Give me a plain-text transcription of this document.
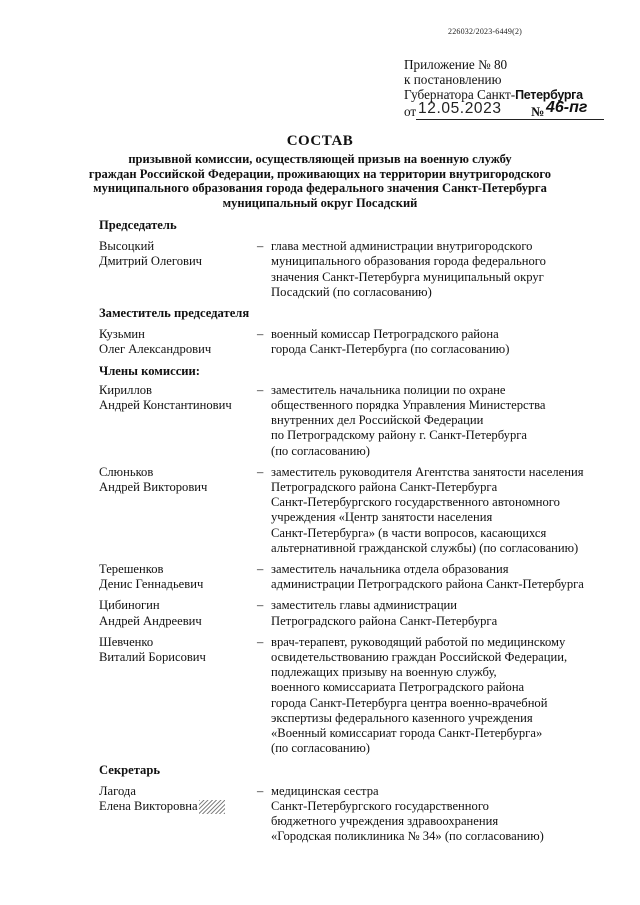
226032/2023-6449(2)
Приложение № 80
к постановлению
Губернатора Санкт-Петербурга
от 12.05.2023 № 46-пг
СОСТАВ
призывной комиссии, осуществляющей призыв на военную службу
граждан Российской Федерации, проживающих на территории внутригородского
муниципального образования города федерального значения Санкт-Петербурга
муниципальный округ Посадский
Председатель
Высоцкий
Дмитрий Олегович
– глава местной администрации внутригородского
муниципального образования города федерального
значения Санкт-Петербурга муниципальный округ
Посадский (по согласованию)
Заместитель председателя
Кузьмин
Олег Александрович
– военный комиссар Петроградского района
города Санкт-Петербурга (по согласованию)
Члены комиссии:
Кириллов
Андрей Константинович
– заместитель начальника полиции по охране
общественного порядка Управления Министерства
внутренних дел Российской Федерации
по Петроградскому району г. Санкт-Петербурга
(по согласованию)
Слюньков
Андрей Викторович
– заместитель руководителя Агентства занятости населения
Петроградского района Санкт-Петербурга
Санкт-Петербургского государственного автономного
учреждения «Центр занятости населения
Санкт-Петербурга» (в части вопросов, касающихся
альтернативной гражданской службы) (по согласованию)
Терешенков
Денис Геннадьевич
– заместитель начальника отдела образования
администрации Петроградского района Санкт-Петербурга
Цибиногин
Андрей Андреевич
– заместитель главы администрации
Петроградского района Санкт-Петербурга
Шевченко
Виталий Борисович
– врач-терапевт, руководящий работой по медицинскому
освидетельствованию граждан Российской Федерации,
подлежащих призыву на военную службу,
военного комиссариата Петроградского района
города Санкт-Петербурга центра военно-врачебной
экспертизы федерального казенного учреждения
«Военный комиссариат города Санкт-Петербурга»
(по согласованию)
Секретарь
Лагода
Елена Викторовна
– медицинская сестра
Санкт-Петербургского государственного
бюджетного учреждения здравоохранения
«Городская поликлиника № 34» (по согласованию)
